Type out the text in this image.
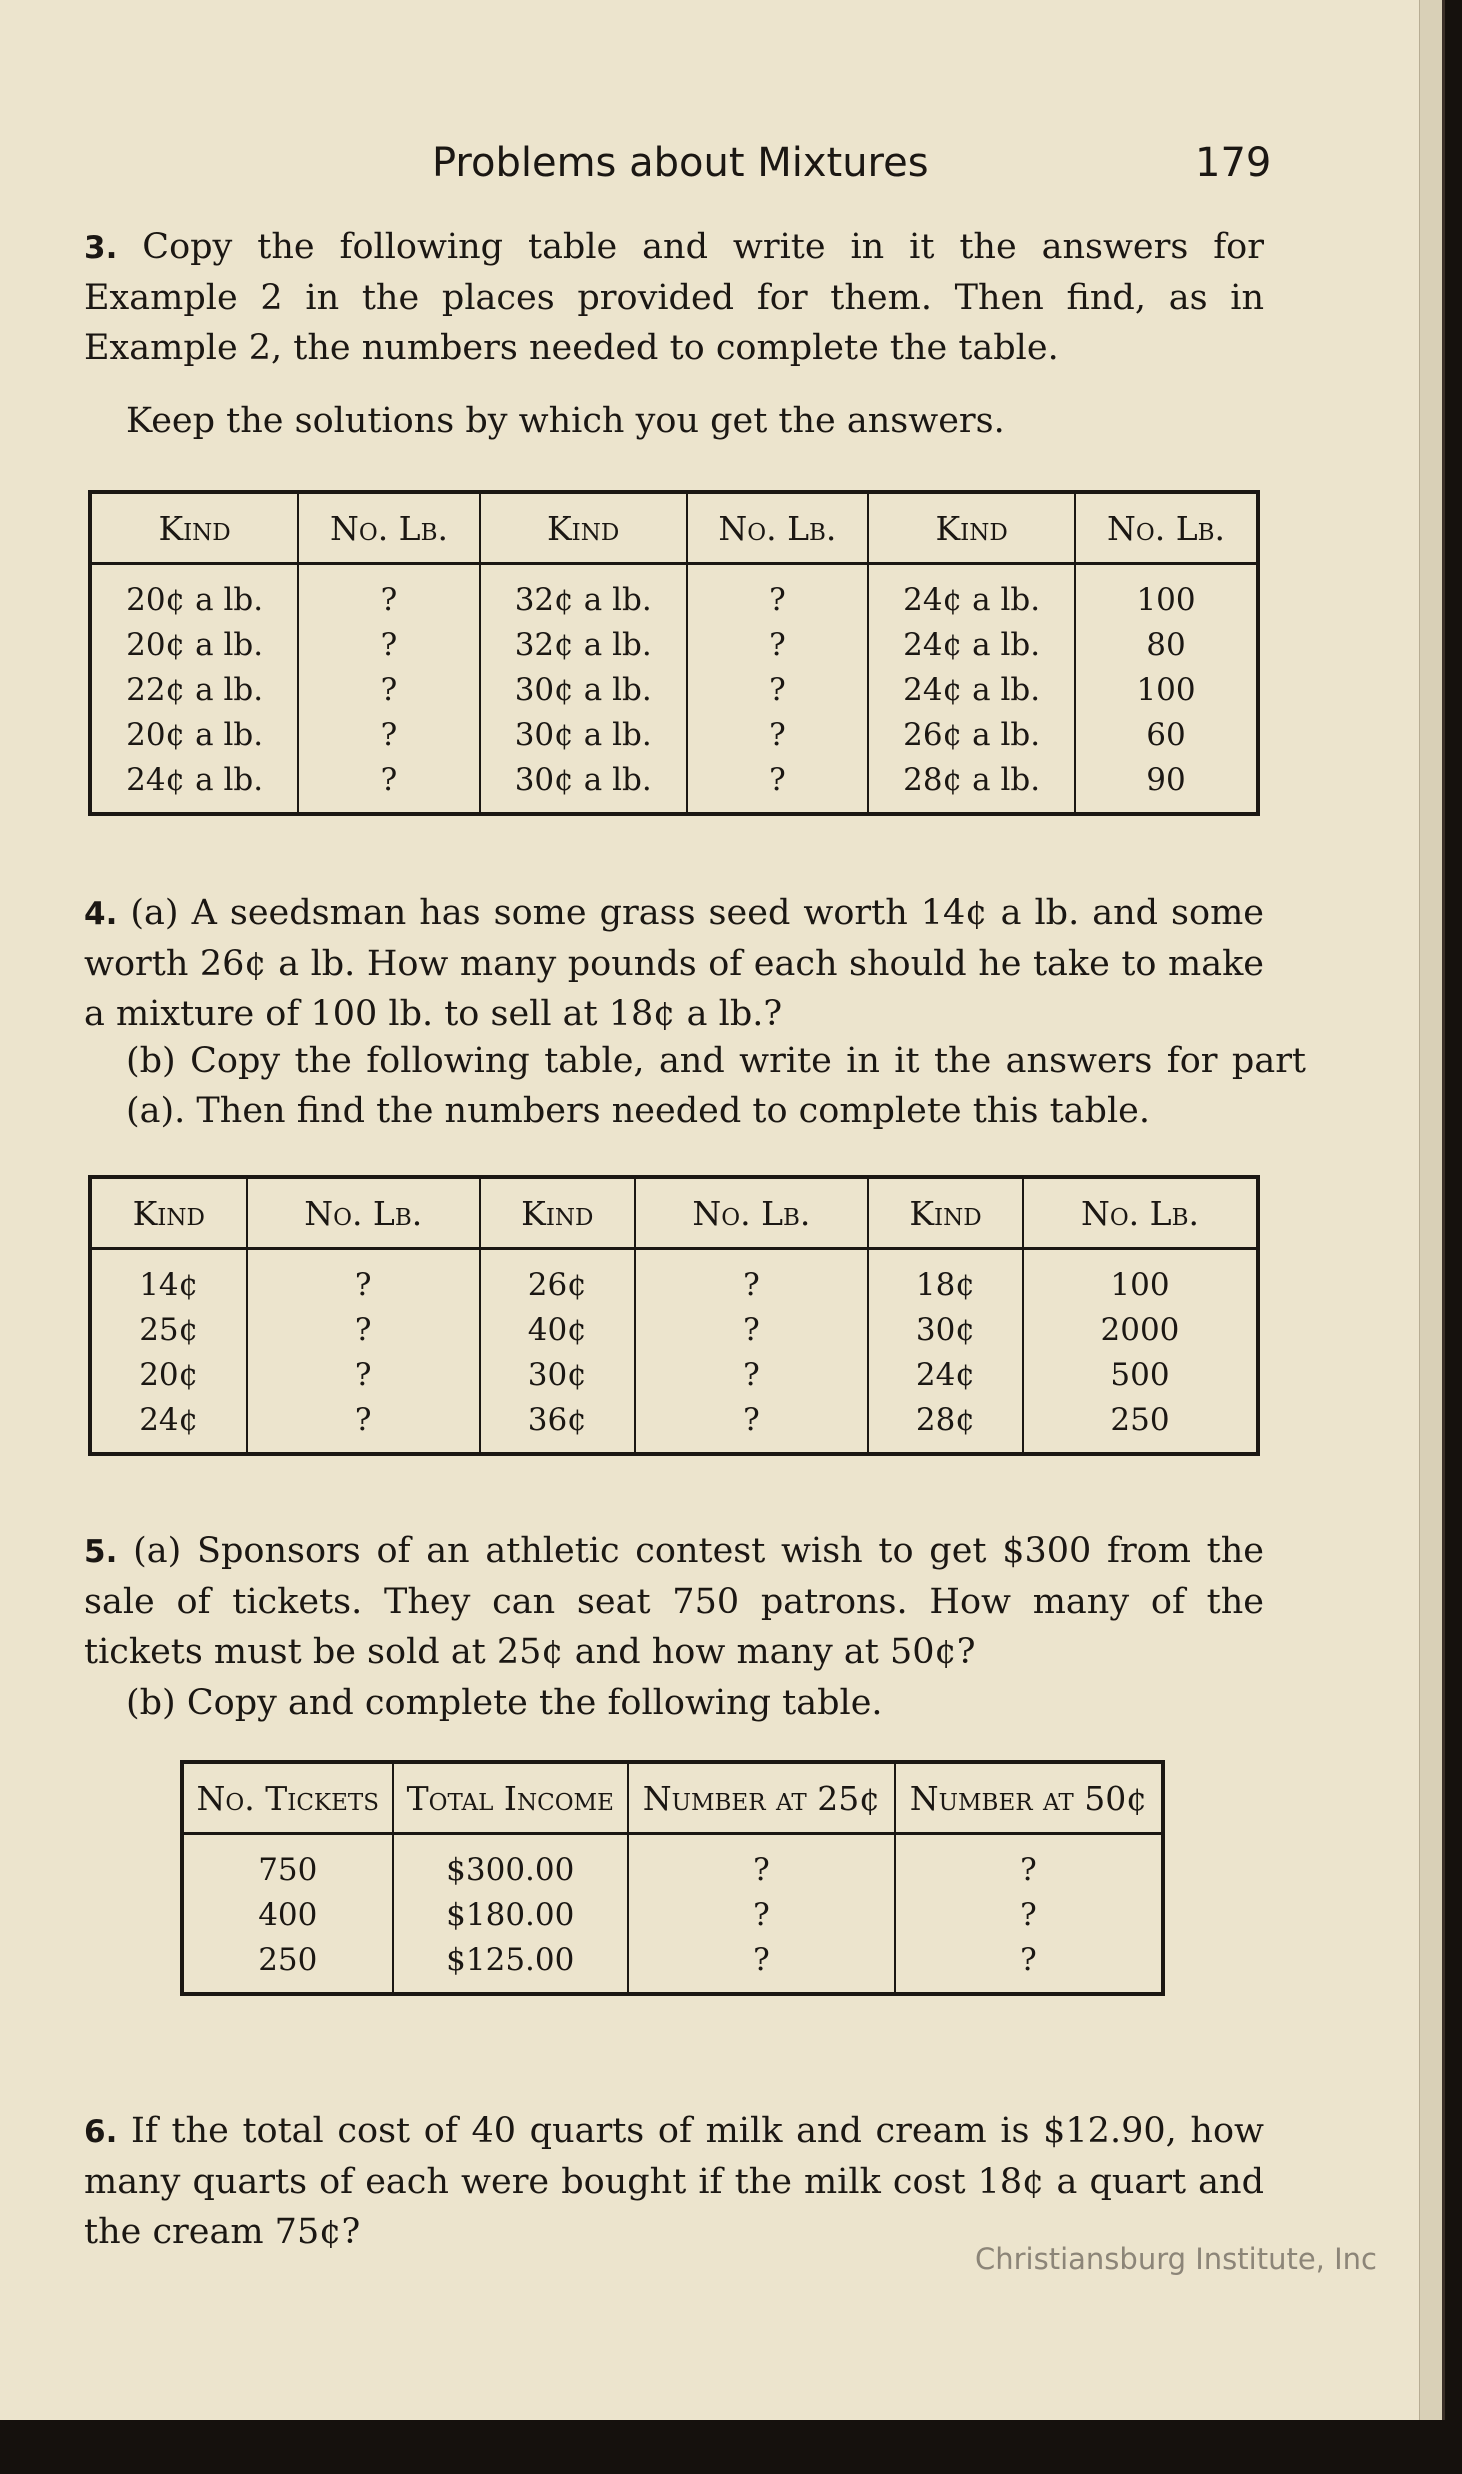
Problems about Mixtures	179

3. Copy the following table and write in it the answers for Example 2 in the places provided for them. Then find, as in Example 2, the numbers needed to complete the table.

Keep the solutions by which you get the answers.

Kind	No. Lb.	Kind	No. Lb.	Kind	No. Lb.
20¢ a lb.	?	32¢ a lb.	?	24¢ a lb.	100
20¢ a lb.	?	32¢ a lb.	?	24¢ a lb.	80
22¢ a lb.	?	30¢ a lb.	?	24¢ a lb.	100
20¢ a lb.	?	30¢ a lb.	?	26¢ a lb.	60
24¢ a lb.	?	30¢ a lb.	?	28¢ a lb.	90

4. (a) A seedsman has some grass seed worth 14¢ a lb. and some worth 26¢ a lb. How many pounds of each should he take to make a mixture of 100 lb. to sell at 18¢ a lb.?

(b) Copy the following table, and write in it the answers for part (a). Then find the numbers needed to complete this table.

Kind	No. Lb.	Kind	No. Lb.	Kind	No. Lb.
14¢	?	26¢	?	18¢	100
25¢	?	40¢	?	30¢	2000
20¢	?	30¢	?	24¢	500
24¢	?	36¢	?	28¢	250

5. (a) Sponsors of an athletic contest wish to get $300 from the sale of tickets. They can seat 750 patrons. How many of the tickets must be sold at 25¢ and how many at 50¢?

(b) Copy and complete the following table.

No. Tickets	Total Income	Number at 25¢	Number at 50¢
750	$300.00	?	?
400	$180.00	?	?
250	$125.00	?	?

6. If the total cost of 40 quarts of milk and cream is $12.90, how many quarts of each were bought if the milk cost 18¢ a quart and the cream 75¢?

Christiansburg Institute, Inc
